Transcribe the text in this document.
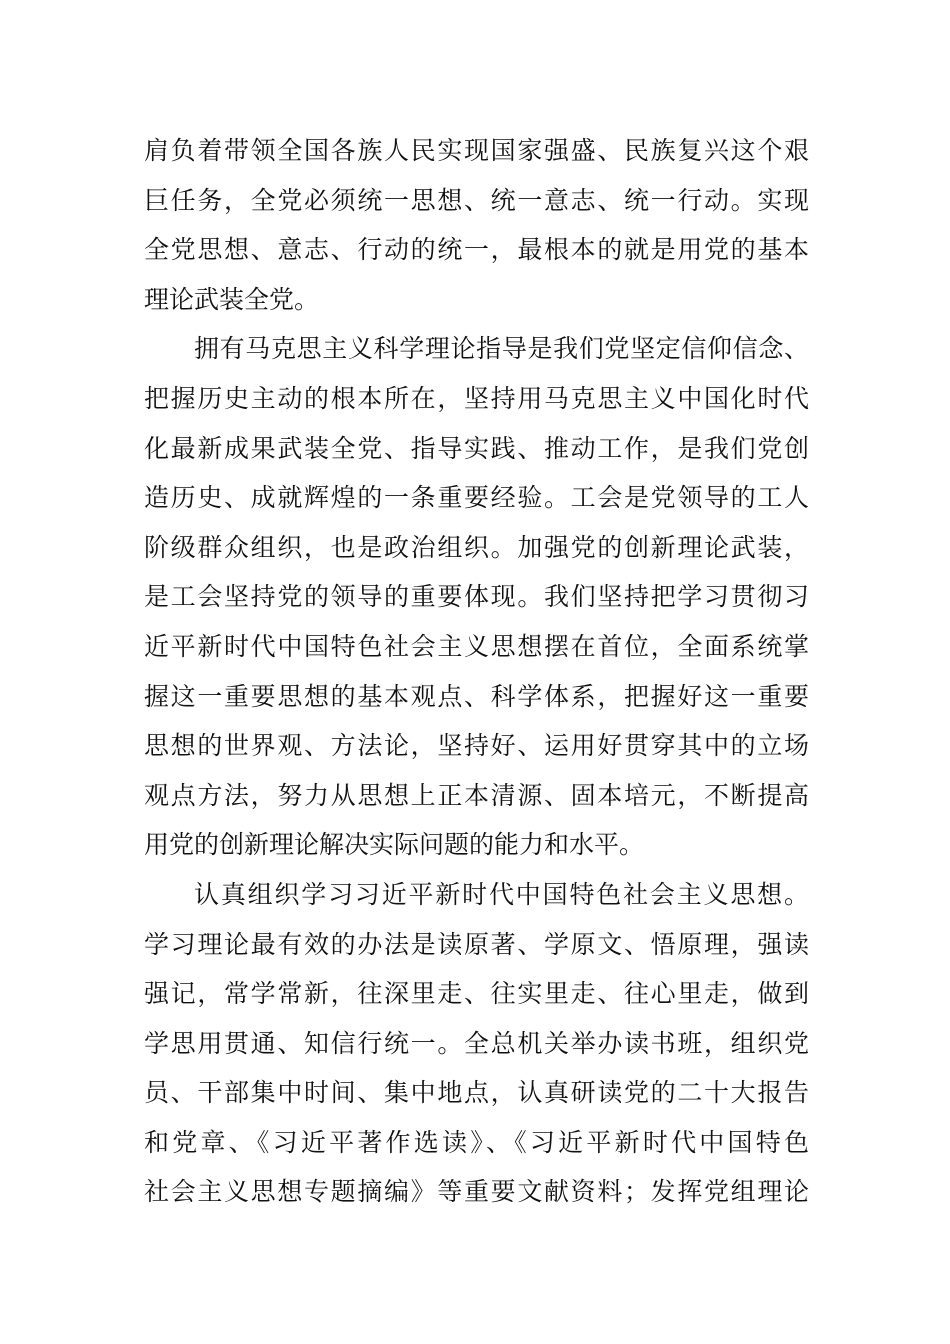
肩负着带领全国各族人民实现国家强盛、民族复兴这个艰
巨任务，全党必须统一思想、统一意志、统一行动。实现
全党思想、意志、行动的统一，最根本的就是用党的基本
理论武装全党。
拥有马克思主义科学理论指导是我们党坚定信仰信念、
把握历史主动的根本所在，坚持用马克思主义中国化时代
化最新成果武装全党、指导实践、推动工作，是我们党创
造历史、成就辉煌的一条重要经验。工会是党领导的工人
阶级群众组织，也是政治组织。加强党的创新理论武装，
是工会坚持党的领导的重要体现。我们坚持把学习贯彻习
近平新时代中国特色社会主义思想摆在首位，全面系统掌
握这一重要思想的基本观点、科学体系，把握好这一重要
思想的世界观、方法论，坚持好、运用好贯穿其中的立场
观点方法，努力从思想上正本清源、固本培元，不断提高
用党的创新理论解决实际问题的能力和水平。
认真组织学习习近平新时代中国特色社会主义思想。
学习理论最有效的办法是读原著、学原文、悟原理，强读
强记，常学常新，往深里走、往实里走、往心里走，做到
学思用贯通、知信行统一。全总机关举办读书班，组织党
员、干部集中时间、集中地点，认真研读党的二十大报告
和党章、《习近平著作选读》、《习近平新时代中国特色
社会主义思想专题摘编》等重要文献资料；发挥党组理论
